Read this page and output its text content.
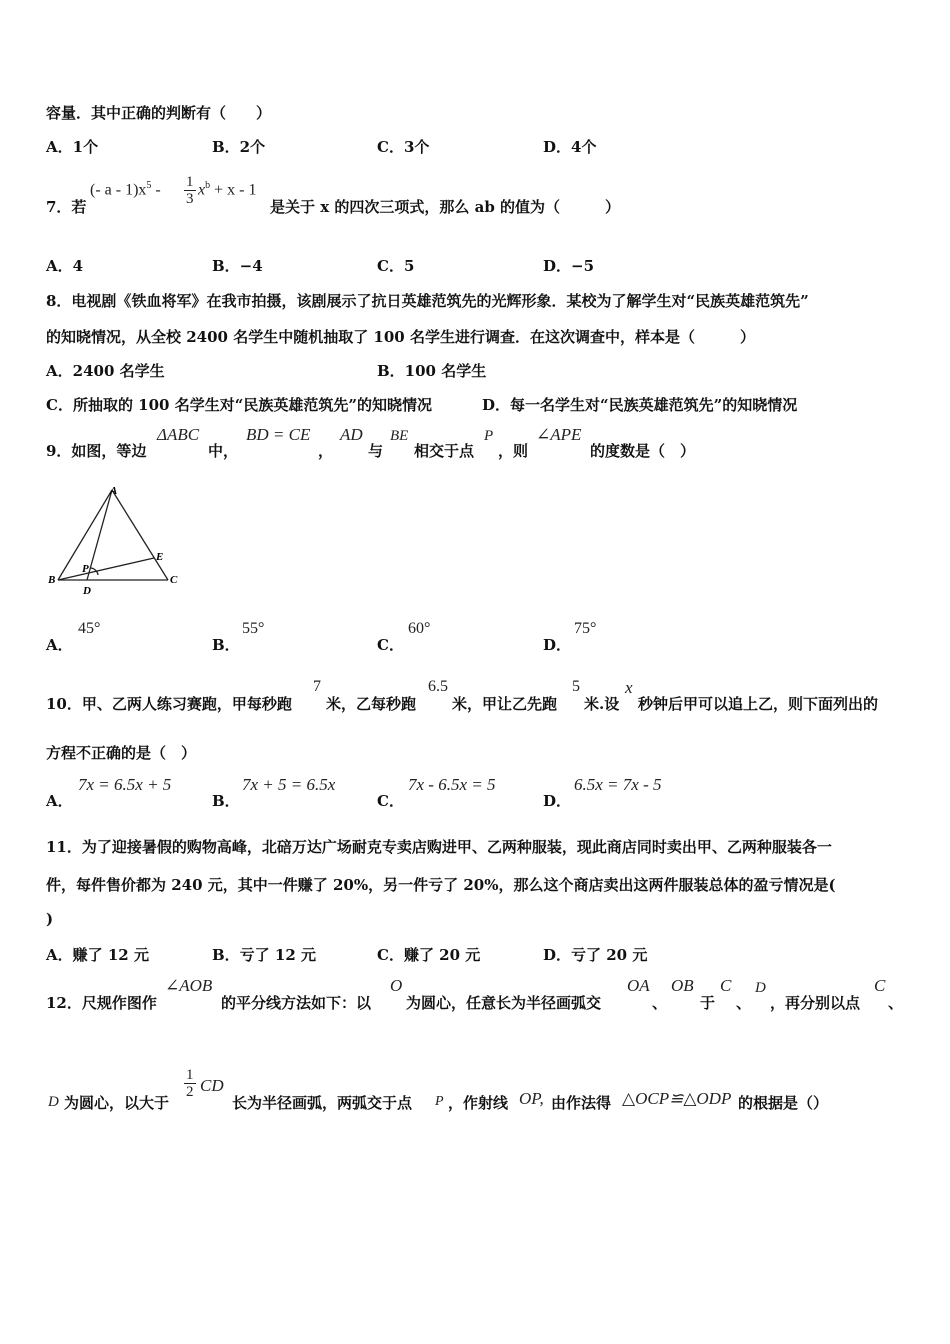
容量．其中正确的判断有（　　）
A．1个	B．2个	C．3个	D．4个
7．若
(- $a - 1)x^5 - \frac{1}{3} x^b + x - 1$
是关于 x 的四次三项式，那么 ab 的值为（　　　）
A．4	B．−4	C．5	D．−5
8．电视剧《铁血将军》在我市拍摄，该剧展示了抗日英雄范筑先的光辉形象．某校为了解学生对“民族英雄范筑先”
的知晓情况，从全校 2400 名学生中随机抽取了 100 名学生进行调查．在这次调查中，样本是（　　　）
A．2400 名学生	B．100 名学生
C．所抽取的 100 名学生对“民族英雄范筑先”的知晓情况	D．每一名学生对“民族英雄范筑先”的知晓情况
9．如图，等边
ΔABC
中，
BD = CE
，
AD
与
BE
相交于点
P
，则
∠APE
的度数是（　）
A
B	C
D
E
P
A．
45°
B．
55°
C．
60°
D．
75°
10．甲、乙两人练习赛跑，甲每秒跑
7
米，乙每秒跑
6.5
米，甲让乙先跑
5
米.设
x
秒钟后甲可以追上乙，则下面列出的
方程不正确的是（　）
A．
7x = 6.5x + 5
B．
7x + 5 = 6.5x
C．
7x - 6.5x = 5
D．
6.5x = 7x - 5
11．为了迎接暑假的购物高峰，北碚万达广场耐克专卖店购进甲、乙两种服装，现此商店同时卖出甲、乙两种服装各一
件，每件售价都为 240 元，其中一件赚了 20%，另一件亏了 20%，那么这个商店卖出这两件服装总体的盈亏情况是(
)
A．赚了 12 元	B．亏了 12 元	C．赚了 20 元	D．亏了 20 元
12．尺规作图作
∠AOB
的平分线方法如下：以
O
为圆心，任意长为半径画弧交
OA
、
OB
于
C
、
D
，再分别以点
C
、
D 为圆心，以大于
$\frac{1}{2}$ CD
长为半径画弧，两弧交于点 P ，作射线 OP, 由作法得 △OCP≌△ODP 的根据是（）
